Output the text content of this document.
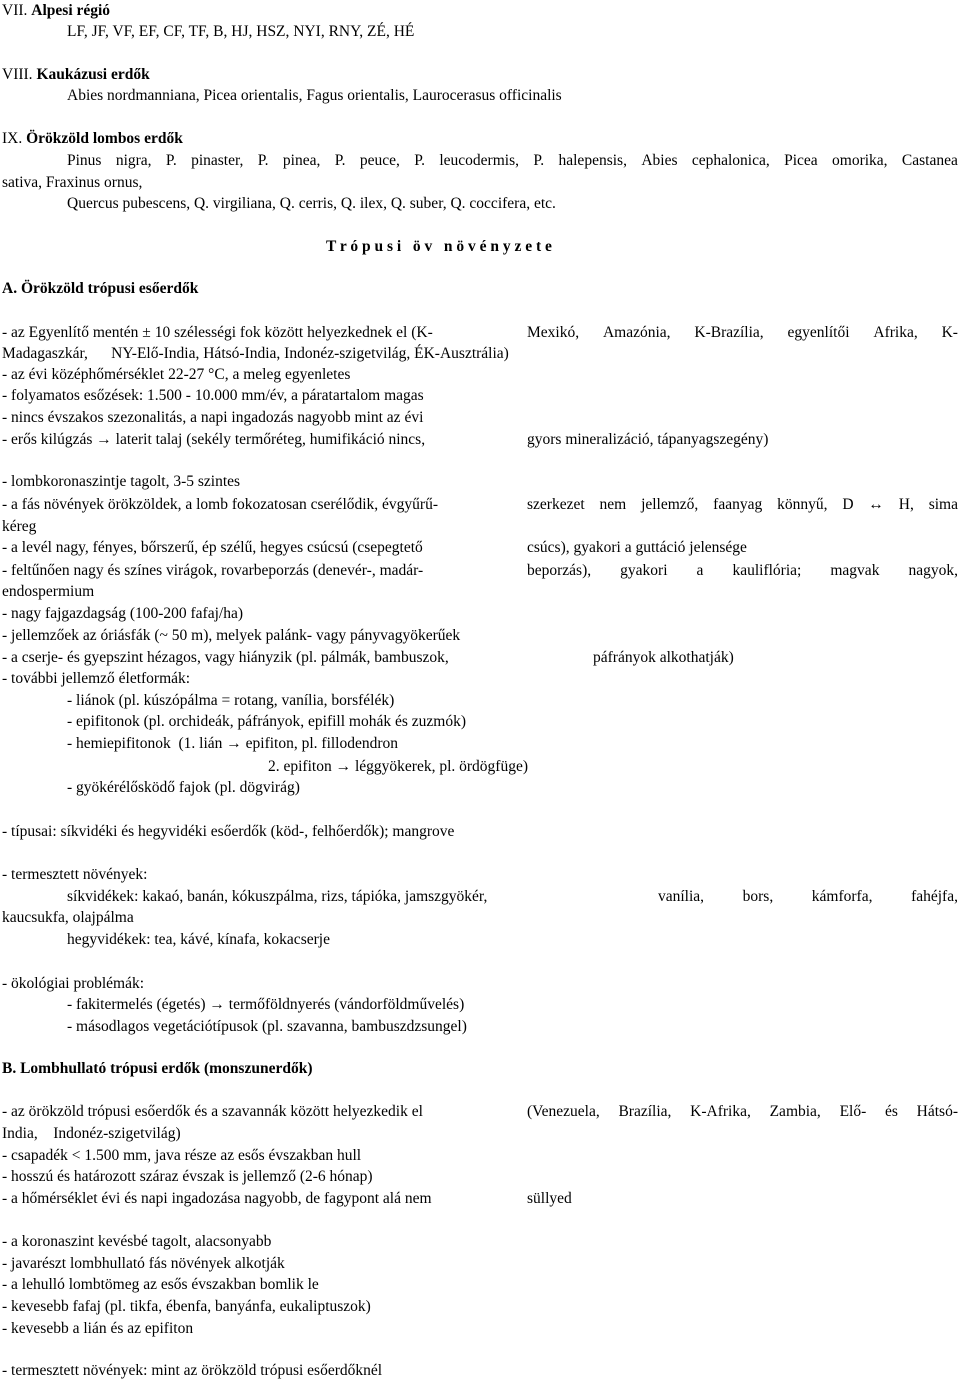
VII. Alpesi régió
LF, JF, VF, EF, CF, TF, B, HJ, HSZ, NYI, RNY, ZÉ, HÉ
VIII. Kaukázusi erdők
Abies nordmanniana, Picea orientalis, Fagus orientalis, Laurocerasus officinalis
IX. Örökzöld lombos erdők
Pinus nigra, P. pinaster, P. pinea, P. peuce, P. leucodermis, P. halepensis, Abies cephalonica, Picea omorika, Castanea
sativa, Fraxinus ornus,
Quercus pubescens, Q. virgiliana, Q. cerris, Q. ilex, Q. suber, Q. coccifera, etc.
T r ó p u s i   ö v   n ö v é n y z e t e
A. Örökzöld trópusi esőerdők
- az Egyenlítő mentén ± 10 szélességi fok között helyezkednek el (K-	Mexikó, Amazónia, K-Brazília, egyenlítői Afrika, K-
Madagaszkár,      NY-Elő-India, Hátsó-India, Indonéz-szigetvilág, ÉK-Ausztrália)
- az évi középhőmérséklet 22-27 °C, a meleg egyenletes
- folyamatos esőzések: 1.500 - 10.000 mm/év, a páratartalom magas
- nincs évszakos szezonalitás, a napi ingadozás nagyobb mint az évi
- erős kilúgzás → laterit talaj (sekély termőréteg, humifikáció nincs,	gyors mineralizáció, tápanyagszegény)
- lombkoronaszintje tagolt, 3-5 szintes
- a fás növények örökzöldek, a lomb fokozatosan cserélődik, évgyűrű-	szerkezet nem jellemző, faanyag könnyű, D ↔ H, sima
kéreg
- a levél nagy, fényes, bőrszerű, ép szélű, hegyes csúcsú (csepegtető	csúcs), gyakori a guttáció jelensége
- feltűnően nagy és színes virágok, rovarbeporzás (denevér-, madár-	beporzás), gyakori a kauliflória; magvak nagyok,
endospermium
- nagy fajgazdagság (100-200 fafaj/ha)
- jellemzőek az óriásfák (~ 50 m), melyek palánk- vagy pányvagyökerűek
- a cserje- és gyepszint hézagos, vagy hiányzik (pl. pálmák, bambuszok,	páfrányok alkothatják)
- további jellemző életformák:
- liánok (pl. kúszópálma = rotang, vanília, borsfélék)
- epifitonok (pl. orchideák, páfrányok, epifill mohák és zuzmók)
- hemiepifitonok  (1. lián → epifiton, pl. fillodendron
2. epifiton → léggyökerek, pl. ördögfüge)
- gyökérélősködő fajok (pl. dögvirág)
- típusai: síkvidéki és hegyvidéki esőerdők (köd-, felhőerdők); mangrove
- termesztett növények:
síkvidékek: kakaó, banán, kókuszpálma, rizs, tápióka, jamszgyökér,	vanília, bors, kámforfa, fahéjfa,
kaucsukfa, olajpálma
hegyvidékek: tea, kávé, kínafa, kokacserje
- ökológiai problémák:
- fakitermelés (égetés) → termőföldnyerés (vándorföldművelés)
- másodlagos vegetációtípusok (pl. szavanna, bambuszdzsungel)
B. Lombhullató trópusi erdők (monszunerdők)
- az örökzöld trópusi esőerdők és a szavannák között helyezkedik el	(Venezuela, Brazília, K-Afrika, Zambia, Elő- és Hátsó-
India,    Indonéz-szigetvilág)
- csapadék < 1.500 mm, java része az esős évszakban hull
- hosszú és határozott száraz évszak is jellemző (2-6 hónap)
- a hőmérséklet évi és napi ingadozása nagyobb, de fagypont alá nem	süllyed
- a koronaszint kevésbé tagolt, alacsonyabb
- javarészt lombhullató fás növények alkotják
- a lehulló lombtömeg az esős évszakban bomlik le
- kevesebb fafaj (pl. tikfa, ébenfa, banyánfa, eukaliptuszok)
- kevesebb a lián és az epifiton
- termesztett növények: mint az örökzöld trópusi esőerdőknél
